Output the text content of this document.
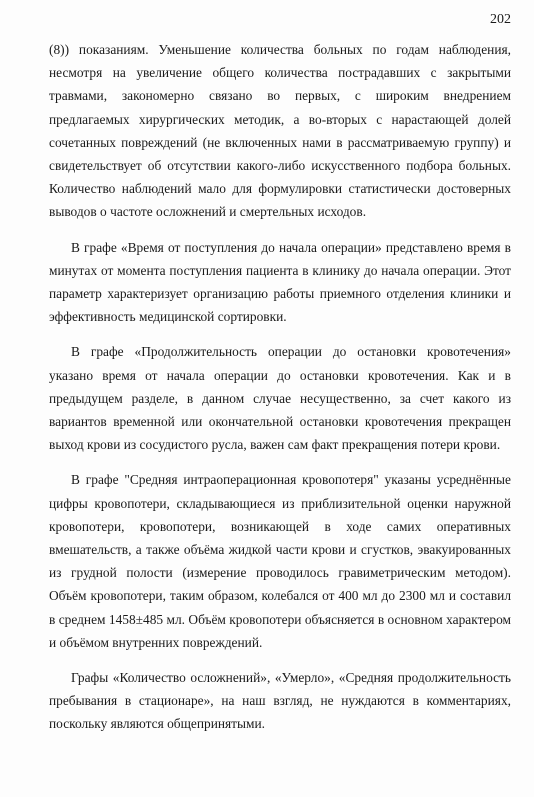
202

(8)) показаниям. Уменьшение количества больных по годам наблюдения, несмотря на увеличение общего количества пострадавших с закрытыми травмами, закономерно связано во первых, с широким внедрением предлагаемых хирургических методик, а во-вторых с нарастающей долей сочетанных повреждений (не включенных нами в рассматриваемую группу) и свидетельствует об отсутствии какого-либо искусственного подбора больных. Количество наблюдений мало для формулировки статистически достоверных выводов о частоте осложнений и смертельных исходов.

В графе «Время от поступления до начала операции» представлено время в минутах от момента поступления пациента в клинику до начала операции. Этот параметр характеризует организацию работы приемного отделения клиники и эффективность медицинской сортировки.

В графе «Продолжительность операции до остановки кровотечения» указано время от начала операции до остановки кровотечения. Как и в предыдущем разделе, в данном случае несущественно, за счет какого из вариантов временной или окончательной остановки кровотечения прекращен выход крови из сосудистого русла, важен сам факт прекращения потери крови.

В графе "Средняя интраоперационная кровопотеря" указаны усреднённые цифры кровопотери, складывающиеся из приблизительной оценки наружной кровопотери, кровопотери, возникающей в ходе самих оперативных вмешательств, а также объёма жидкой части крови и сгустков, эвакуированных из грудной полости (измерение проводилось гравиметрическим методом). Объём кровопотери, таким образом, колебался от 400 мл до 2300 мл и составил в среднем 1458±485 мл. Объём кровопотери объясняется в основном характером и объёмом внутренних повреждений.

Графы «Количество осложнений», «Умерло», «Средняя продолжительность пребывания в стационаре», на наш взгляд, не нуждаются в комментариях, поскольку являются общепринятыми.
